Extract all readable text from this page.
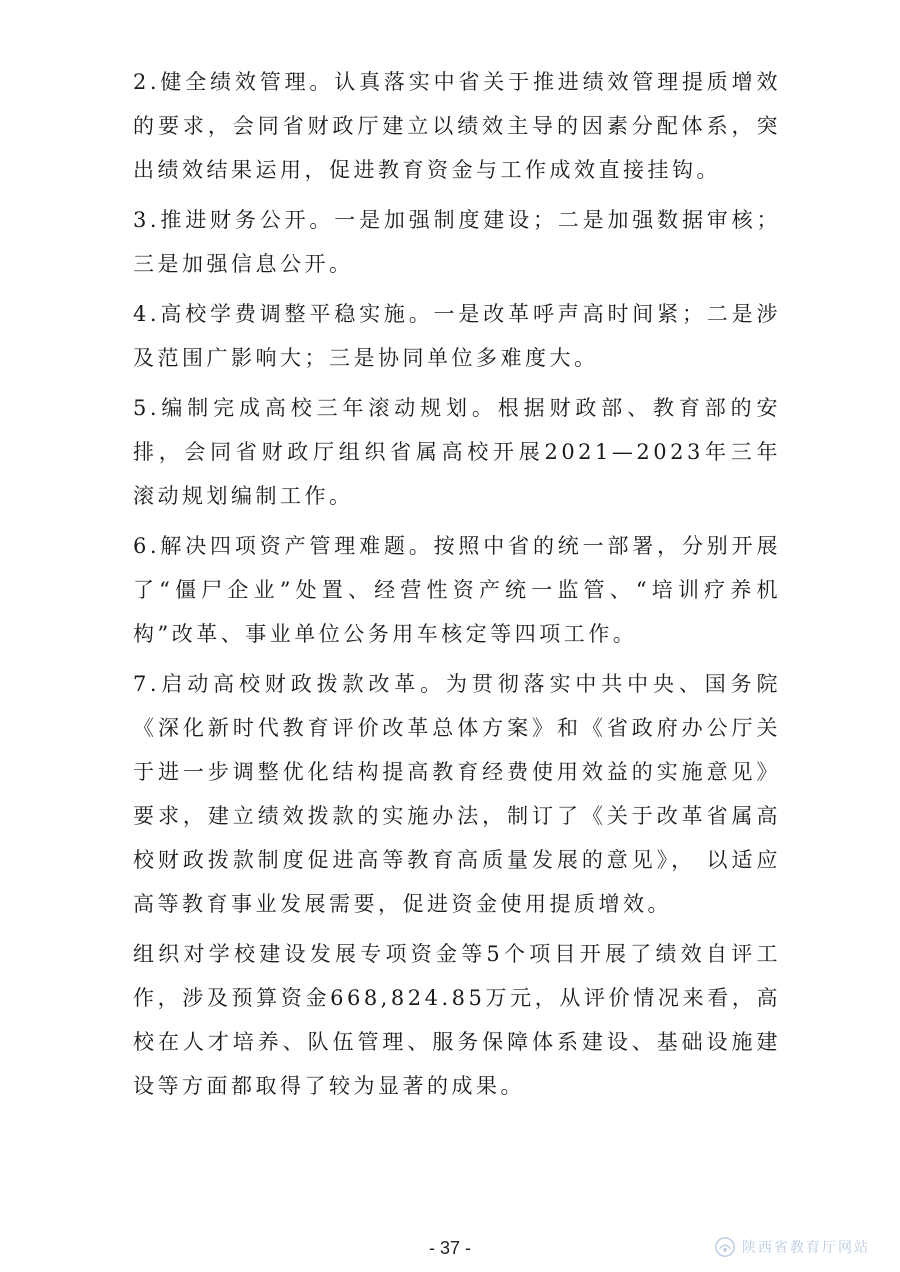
2.健全绩效管理。认真落实中省关于推进绩效管理提质增效的要求，会同省财政厅建立以绩效主导的因素分配体系，突出绩效结果运用，促进教育资金与工作成效直接挂钩。

3.推进财务公开。一是加强制度建设；二是加强数据审核；三是加强信息公开。

4.高校学费调整平稳实施。一是改革呼声高时间紧；二是涉及范围广影响大；三是协同单位多难度大。

5.编制完成高校三年滚动规划。根据财政部、教育部的安排，会同省财政厅组织省属高校开展2021—2023年三年滚动规划编制工作。

6.解决四项资产管理难题。按照中省的统一部署，分别开展了“僵尸企业”处置、经营性资产统一监管、“培训疗养机构”改革、事业单位公务用车核定等四项工作。

7.启动高校财政拨款改革。为贯彻落实中共中央、国务院《深化新时代教育评价改革总体方案》和《省政府办公厅关于进一步调整优化结构提高教育经费使用效益的实施意见》要求，建立绩效拨款的实施办法，制订了《关于改革省属高校财政拨款制度促进高等教育高质量发展的意见》， 以适应高等教育事业发展需要，促进资金使用提质增效。

组织对学校建设发展专项资金等5个项目开展了绩效自评工作，涉及预算资金668,824.85万元，从评价情况来看，高校在人才培养、队伍管理、服务保障体系建设、基础设施建设等方面都取得了较为显著的成果。

- 37 -	陕西省教育厅网站
